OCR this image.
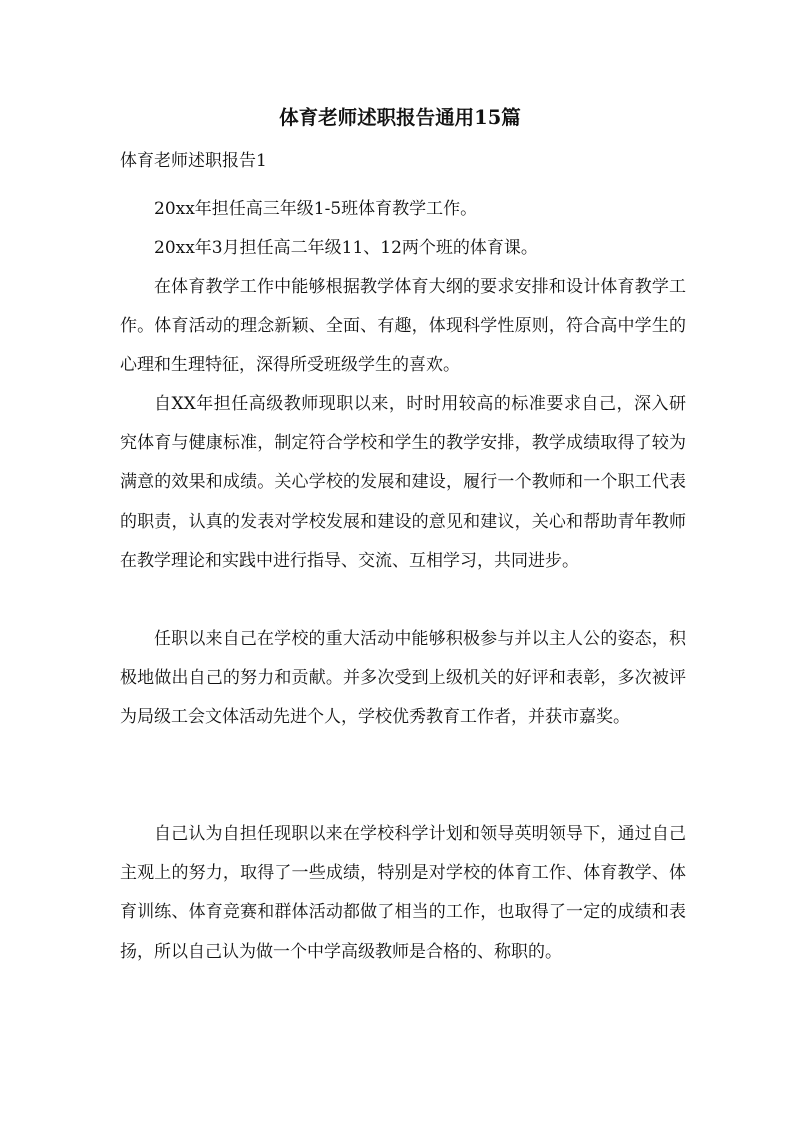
体育老师述职报告通用15篇

体育老师述职报告1

20xx年担任高三年级1-5班体育教学工作。

20xx年3月担任高二年级11、12两个班的体育课。

在体育教学工作中能够根据教学体育大纲的要求安排和设计体育教学工作。体育活动的理念新颖、全面、有趣，体现科学性原则，符合高中学生的心理和生理特征，深得所受班级学生的喜欢。

自XX年担任高级教师现职以来，时时用较高的标准要求自己，深入研究体育与健康标准，制定符合学校和学生的教学安排，教学成绩取得了较为满意的效果和成绩。关心学校的发展和建设，履行一个教师和一个职工代表的职责，认真的发表对学校发展和建设的意见和建议，关心和帮助青年教师在教学理论和实践中进行指导、交流、互相学习，共同进步。

任职以来自己在学校的重大活动中能够积极参与并以主人公的姿态，积极地做出自己的努力和贡献。并多次受到上级机关的好评和表彰，多次被评为局级工会文体活动先进个人，学校优秀教育工作者，并获市嘉奖。

自己认为自担任现职以来在学校科学计划和领导英明领导下，通过自己主观上的努力，取得了一些成绩，特别是对学校的体育工作、体育教学、体育训练、体育竞赛和群体活动都做了相当的工作，也取得了一定的成绩和表扬，所以自己认为做一个中学高级教师是合格的、称职的。
